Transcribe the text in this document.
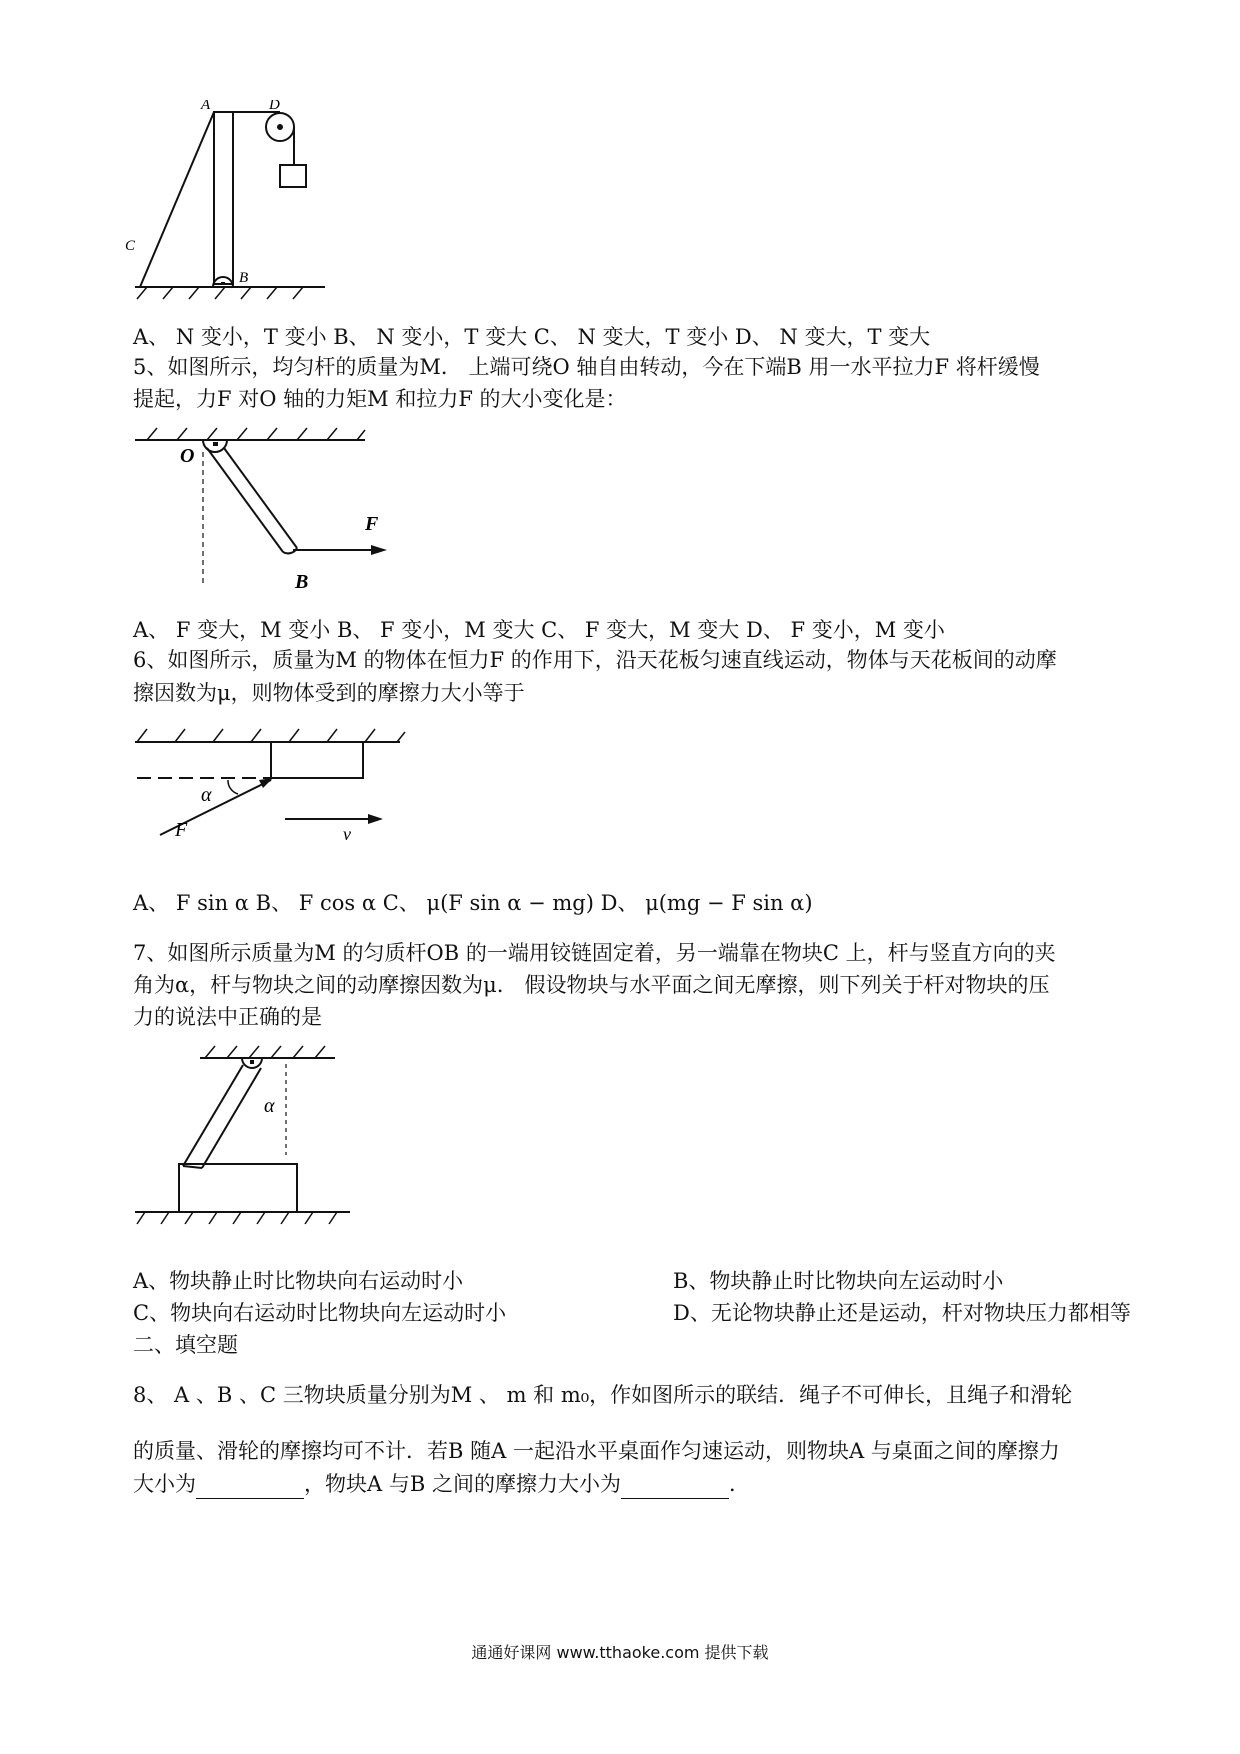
A	D
C
B
A、 N 变小，T 变小 B、 N 变小，T 变大 C、 N 变大，T 变小 D、 N 变大，T 变大
5、如图所示，均匀杆的质量为M． 上端可绕O 轴自由转动，今在下端B 用一水平拉力F 将杆缓慢
提起，力F 对O 轴的力矩M 和拉力F 的大小变化是：
O
F
B
A、 F 变大，M 变小 B、 F 变小，M 变大 C、 F 变大，M 变大 D、 F 变小，M 变小
6、如图所示，质量为M 的物体在恒力F 的作用下，沿天花板匀速直线运动，物体与天花板间的动摩
擦因数为μ，则物体受到的摩擦力大小等于
α
F	v
A、 F sin α B、 F cos α C、 μ(F sin α − mg) D、 μ(mg − F sin α)
7、如图所示质量为M 的匀质杆OB 的一端用铰链固定着，另一端靠在物块C 上，杆与竖直方向的夹
角为α，杆与物块之间的动摩擦因数为μ． 假设物块与水平面之间无摩擦，则下列关于杆对物块的压
力的说法中正确的是
α
A、物块静止时比物块向右运动时小	B、物块静止时比物块向左运动时小
C、物块向右运动时比物块向左运动时小	D、无论物块静止还是运动，杆对物块压力都相等
二、填空题
8、 A 、B 、C 三物块质量分别为M 、 m 和 m₀，作如图所示的联结．绳子不可伸长，且绳子和滑轮
的质量、滑轮的摩擦均可不计．若B 随A 一起沿水平桌面作匀速运动，则物块A 与桌面之间的摩擦力
大小为	，物块A 与B 之间的摩擦力大小为	．
通通好课网 www.tthaoke.com 提供下载
